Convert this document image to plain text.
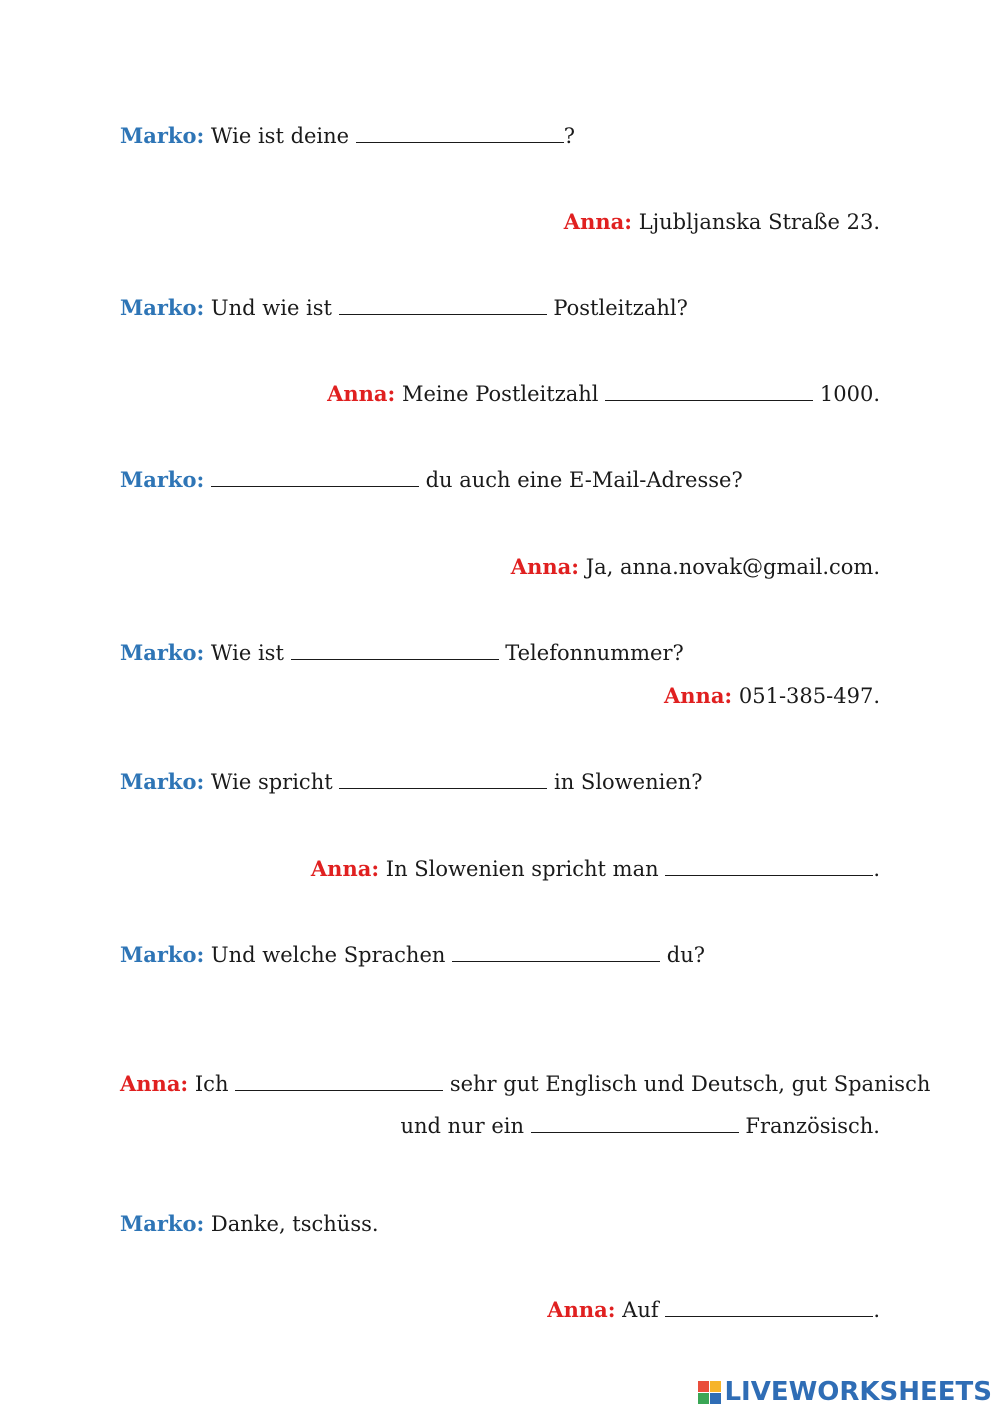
Marko: Wie ist deine	?
Anna: Ljubljanska Straße 23.
Marko: Und wie ist	Postleitzahl?
Anna: Meine Postleitzahl	1000.
Marko:	du auch eine E-Mail-Adresse?
Anna: Ja, anna.novak@gmail.com.
Marko: Wie ist	Telefonnummer?
Anna: 051-385-497.
Marko: Wie spricht	in Slowenien?
Anna: In Slowenien spricht man	.
Marko: Und welche Sprachen	du?
Anna: Ich	sehr gut Englisch und Deutsch, gut Spanisch
und nur ein	Französisch.
Marko: Danke, tschüss.
Anna: Auf	.
LIVEWORKSHEETS
